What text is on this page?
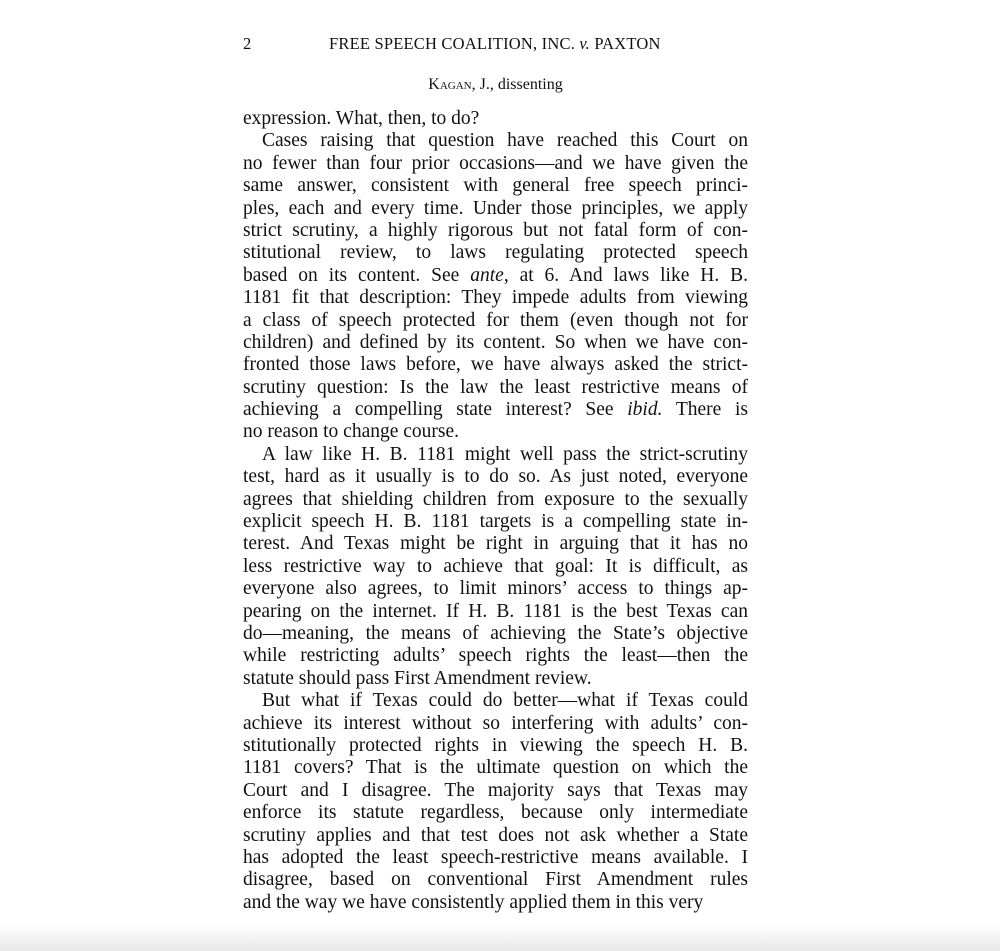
2	FREE SPEECH COALITION, INC. v. PAXTON
Kagan, J., dissenting
expression. What, then, to do?
Cases raising that question have reached this Court on
no fewer than four prior occasions—and we have given the
same answer, consistent with general free speech princi-
ples, each and every time. Under those principles, we apply
strict scrutiny, a highly rigorous but not fatal form of con-
stitutional review, to laws regulating protected speech
based on its content. See ante, at 6. And laws like H. B.
1181 fit that description: They impede adults from viewing
a class of speech protected for them (even though not for
children) and defined by its content. So when we have con-
fronted those laws before, we have always asked the strict-
scrutiny question: Is the law the least restrictive means of
achieving a compelling state interest? See ibid. There is
no reason to change course.
A law like H. B. 1181 might well pass the strict-scrutiny
test, hard as it usually is to do so. As just noted, everyone
agrees that shielding children from exposure to the sexually
explicit speech H. B. 1181 targets is a compelling state in-
terest. And Texas might be right in arguing that it has no
less restrictive way to achieve that goal: It is difficult, as
everyone also agrees, to limit minors’ access to things ap-
pearing on the internet. If H. B. 1181 is the best Texas can
do—meaning, the means of achieving the State’s objective
while restricting adults’ speech rights the least—then the
statute should pass First Amendment review.
But what if Texas could do better—what if Texas could
achieve its interest without so interfering with adults’ con-
stitutionally protected rights in viewing the speech H. B.
1181 covers? That is the ultimate question on which the
Court and I disagree. The majority says that Texas may
enforce its statute regardless, because only intermediate
scrutiny applies and that test does not ask whether a State
has adopted the least speech-restrictive means available. I
disagree, based on conventional First Amendment rules
and the way we have consistently applied them in this very
